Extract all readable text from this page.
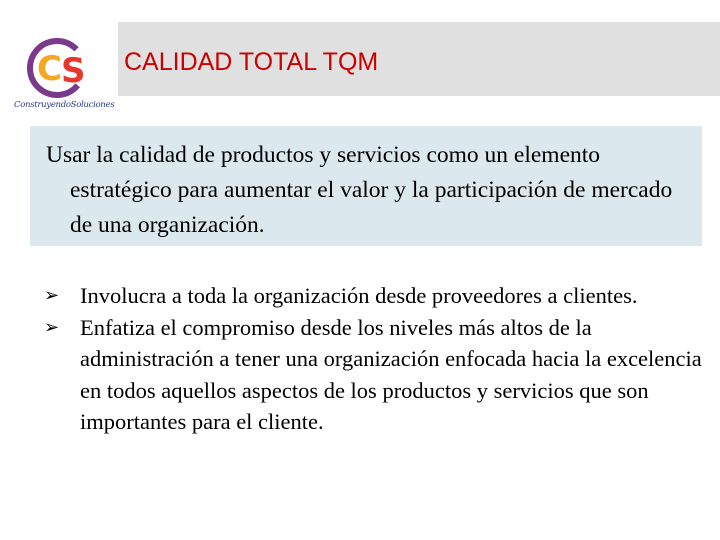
C S
ConstruyendoSoluciones
CALIDAD TOTAL TQM
Usar la calidad de productos y servicios como un elemento estratégico para aumentar el valor y la participación de mercado de una organización.
➢ Involucra a toda la organización desde proveedores a clientes.
➢ Enfatiza el compromiso desde los niveles más altos de la administración a tener una organización enfocada hacia la excelencia en todos aquellos aspectos de los productos y servicios que son importantes para el cliente.
